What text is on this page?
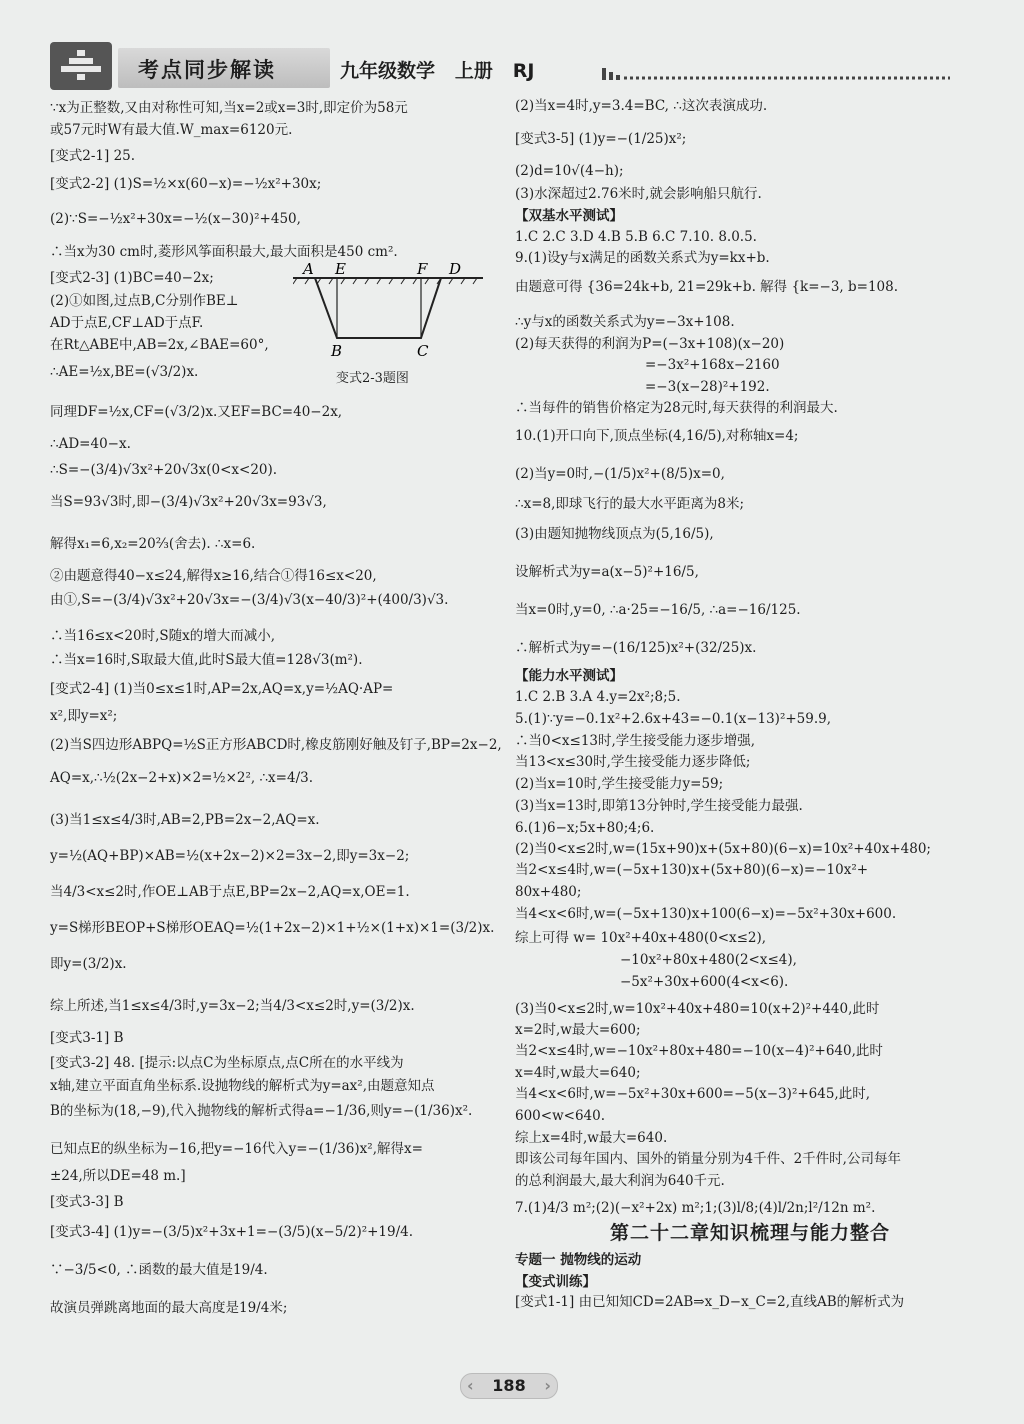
考点同步解读	九年级数学   上册   RJ
∵x为正整数,又由对称性可知,当x=2或x=3时,即定价为58元
或57元时W有最大值.W_max=6120元.
[变式2-1] 25.
[变式2-2] (1)S=½×x(60−x)=−½x²+30x;
(2)∵S=−½x²+30x=−½(x−30)²+450,
∴当x为30 cm时,菱形风筝面积最大,最大面积是450 cm².
[变式2-3] (1)BC=40−2x;
(2)①如图,过点B,C分别作BE⊥
AD于点E,CF⊥AD于点F.
在Rt△ABE中,AB=2x,∠BAE=60°,
∴AE=½x,BE=(√3/2)x.
同理DF=½x,CF=(√3/2)x.又EF=BC=40−2x,
∴AD=40−x.
∴S=−(3/4)√3x²+20√3x(0<x<20).
当S=93√3时,即−(3/4)√3x²+20√3x=93√3,
解得x₁=6,x₂=20⅔(舍去). ∴x=6.
②由题意得40−x≤24,解得x≥16,结合①得16≤x<20,
由①,S=−(3/4)√3x²+20√3x=−(3/4)√3(x−40/3)²+(400/3)√3.
∴当16≤x<20时,S随x的增大而减小,
∴当x=16时,S取最大值,此时S最大值=128√3(m²).
[变式2-4] (1)当0≤x≤1时,AP=2x,AQ=x,y=½AQ·AP=
x²,即y=x²;
(2)当S四边形ABPQ=½S正方形ABCD时,橡皮筋刚好触及钉子,BP=2x−2,
AQ=x,∴½(2x−2+x)×2=½×2², ∴x=4/3.
(3)当1≤x≤4/3时,AB=2,PB=2x−2,AQ=x.
y=½(AQ+BP)×AB=½(x+2x−2)×2=3x−2,即y=3x−2;
当4/3<x≤2时,作OE⊥AB于点E,BP=2x−2,AQ=x,OE=1.
y=S梯形BEOP+S梯形OEAQ=½(1+2x−2)×1+½×(1+x)×1=(3/2)x.
即y=(3/2)x.
综上所述,当1≤x≤4/3时,y=3x−2;当4/3<x≤2时,y=(3/2)x.
[变式3-1] B
[变式3-2] 48. [提示:以点C为坐标原点,点C所在的水平线为
x轴,建立平面直角坐标系.设抛物线的解析式为y=ax²,由题意知点
B的坐标为(18,−9),代入抛物线的解析式得a=−1/36,则y=−(1/36)x².
已知点E的纵坐标为−16,把y=−16代入y=−(1/36)x²,解得x=
±24,所以DE=48 m.]
[变式3-3] B
[变式3-4] (1)y=−(3/5)x²+3x+1=−(3/5)(x−5/2)²+19/4.
∵−3/5<0, ∴函数的最大值是19/4.
故演员弹跳离地面的最大高度是19/4米;
A E	F D
B	C
变式2-3题图
(2)当x=4时,y=3.4=BC, ∴这次表演成功.
[变式3-5] (1)y=−(1/25)x²;
(2)d=10√(4−h);
(3)水深超过2.76米时,就会影响船只航行.
【双基水平测试】
1.C 2.C 3.D 4.B 5.B 6.C 7.10. 8.0.5.
9.(1)设y与x满足的函数关系式为y=kx+b.
由题意可得 {36=24k+b, 21=29k+b. 解得 {k=−3, b=108.
∴y与x的函数关系式为y=−3x+108.
(2)每天获得的利润为P=(−3x+108)(x−20)
=−3x²+168x−2160
=−3(x−28)²+192.
∴当每件的销售价格定为28元时,每天获得的利润最大.
10.(1)开口向下,顶点坐标(4,16/5),对称轴x=4;
(2)当y=0时,−(1/5)x²+(8/5)x=0,
∴x=8,即球飞行的最大水平距离为8米;
(3)由题知抛物线顶点为(5,16/5),
设解析式为y=a(x−5)²+16/5,
当x=0时,y=0, ∴a·25=−16/5, ∴a=−16/125.
∴解析式为y=−(16/125)x²+(32/25)x.
【能力水平测试】
1.C 2.B 3.A 4.y=2x²;8;5.
5.(1)∵y=−0.1x²+2.6x+43=−0.1(x−13)²+59.9,
∴当0<x≤13时,学生接受能力逐步增强,
当13<x≤30时,学生接受能力逐步降低;
(2)当x=10时,学生接受能力y=59;
(3)当x=13时,即第13分钟时,学生接受能力最强.
6.(1)6−x;5x+80;4;6.
(2)当0<x≤2时,w=(15x+90)x+(5x+80)(6−x)=10x²+40x+480;
当2<x≤4时,w=(−5x+130)x+(5x+80)(6−x)=−10x²+
80x+480;
当4<x<6时,w=(−5x+130)x+100(6−x)=−5x²+30x+600.
综上可得 w= 10x²+40x+480(0<x≤2),
−10x²+80x+480(2<x≤4),
−5x²+30x+600(4<x<6).
(3)当0<x≤2时,w=10x²+40x+480=10(x+2)²+440,此时
x=2时,w最大=600;
当2<x≤4时,w=−10x²+80x+480=−10(x−4)²+640,此时
x=4时,w最大=640;
当4<x<6时,w=−5x²+30x+600=−5(x−3)²+645,此时,
600<w<640.
综上x=4时,w最大=640.
即该公司每年国内、国外的销量分别为4千件、2千件时,公司每年
的总利润最大,最大利润为640千元.
7.(1)4/3 m²;(2)(−x²+2x) m²;1;(3)l/8;(4)l/2n;l²/12n m².
第二十二章知识梳理与能力整合
专题一 抛物线的运动
【变式训练】
[变式1-1] 由已知知CD=2AB⇒x_D−x_C=2,直线AB的解析式为
‹ 188 ›
